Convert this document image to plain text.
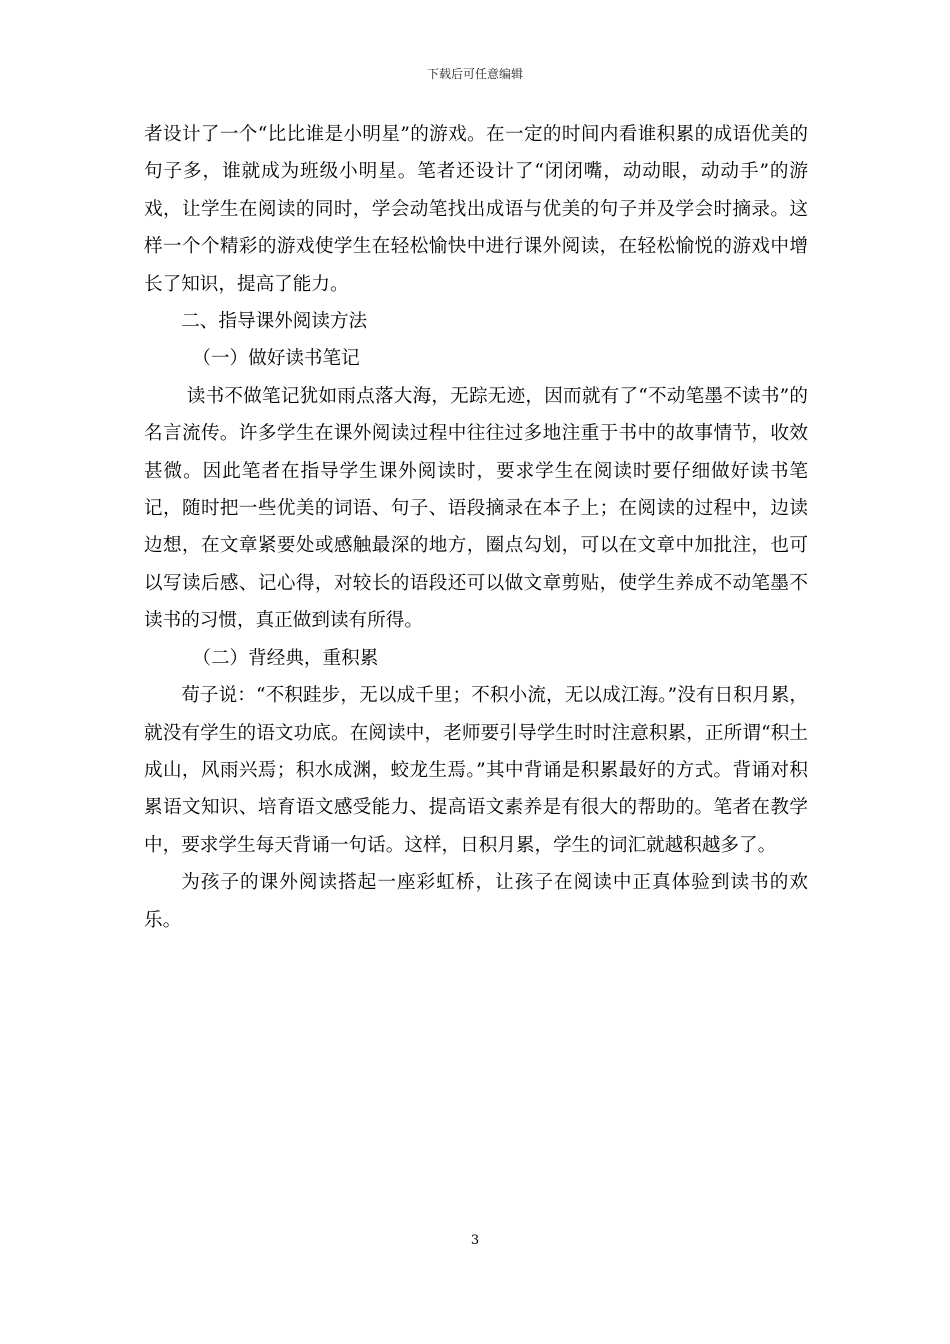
下载后可任意编辑

者设计了一个“比比谁是小明星”的游戏。在一定的时间内看谁积累的成语优美的句子多，谁就成为班级小明星。笔者还设计了“闭闭嘴，动动眼，动动手”的游戏，让学生在阅读的同时，学会动笔找出成语与优美的句子并及学会时摘录。这样一个个精彩的游戏使学生在轻松愉快中进行课外阅读，在轻松愉悦的游戏中增长了知识，提高了能力。

二、指导课外阅读方法

（一）做好读书笔记

读书不做笔记犹如雨点落大海，无踪无迹，因而就有了“不动笔墨不读书”的名言流传。许多学生在课外阅读过程中往往过多地注重于书中的故事情节，收效甚微。因此笔者在指导学生课外阅读时，要求学生在阅读时要仔细做好读书笔记，随时把一些优美的词语、句子、语段摘录在本子上；在阅读的过程中，边读边想，在文章紧要处或感触最深的地方，圈点勾划，可以在文章中加批注，也可以写读后感、记心得，对较长的语段还可以做文章剪贴，使学生养成不动笔墨不读书的习惯，真正做到读有所得。

（二）背经典，重积累

荀子说：“不积跬步，无以成千里；不积小流，无以成江海。”没有日积月累，就没有学生的语文功底。在阅读中，老师要引导学生时时注意积累，正所谓“积土成山，风雨兴焉；积水成渊，蛟龙生焉。”其中背诵是积累最好的方式。背诵对积累语文知识、培育语文感受能力、提高语文素养是有很大的帮助的。笔者在教学中，要求学生每天背诵一句话。这样，日积月累，学生的词汇就越积越多了。

为孩子的课外阅读搭起一座彩虹桥，让孩子在阅读中正真体验到读书的欢乐。

3
